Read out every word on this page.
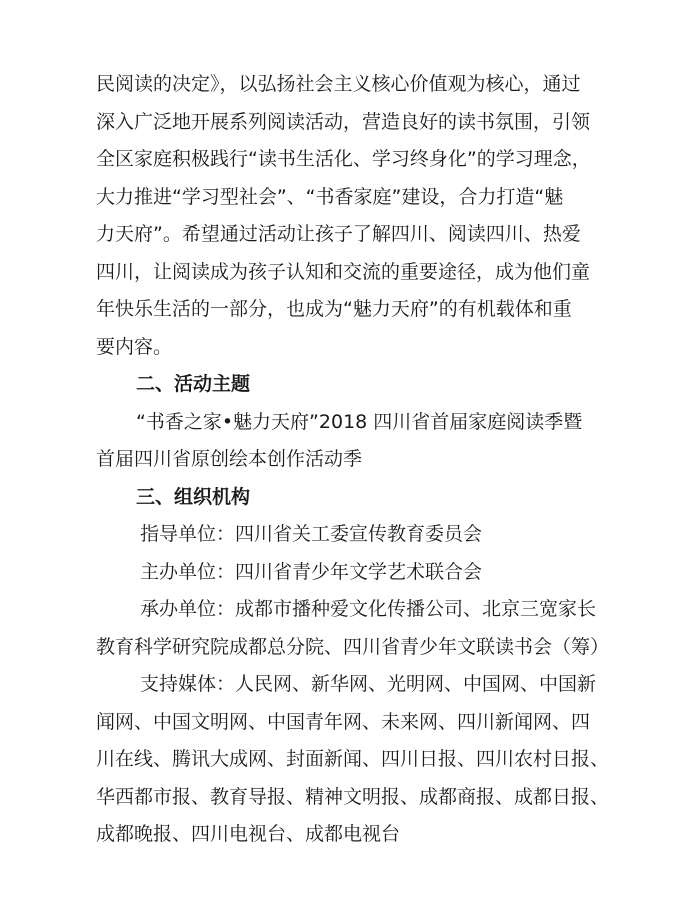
民阅读的决定》，以弘扬社会主义核心价值观为核心，通过
深入广泛地开展系列阅读活动，营造良好的读书氛围，引领
全区家庭积极践行“读书生活化、学习终身化”的学习理念，
大力推进“学习型社会”、“书香家庭”建设，合力打造“魅
力天府”。希望通过活动让孩子了解四川、阅读四川、热爱
四川，让阅读成为孩子认知和交流的重要途径，成为他们童
年快乐生活的一部分，也成为“魅力天府”的有机载体和重
要内容。
二、活动主题
“书香之家•魅力天府”2018 四川省首届家庭阅读季暨
首届四川省原创绘本创作活动季
三、组织机构
指导单位：四川省关工委宣传教育委员会
主办单位：四川省青少年文学艺术联合会
承办单位：成都市播种爱文化传播公司、北京三宽家长
教育科学研究院成都总分院、四川省青少年文联读书会（筹）
支持媒体：人民网、新华网、光明网、中国网、中国新
闻网、中国文明网、中国青年网、未来网、四川新闻网、四
川在线、腾讯大成网、封面新闻、四川日报、四川农村日报、
华西都市报、教育导报、精神文明报、成都商报、成都日报、
成都晚报、四川电视台、成都电视台
